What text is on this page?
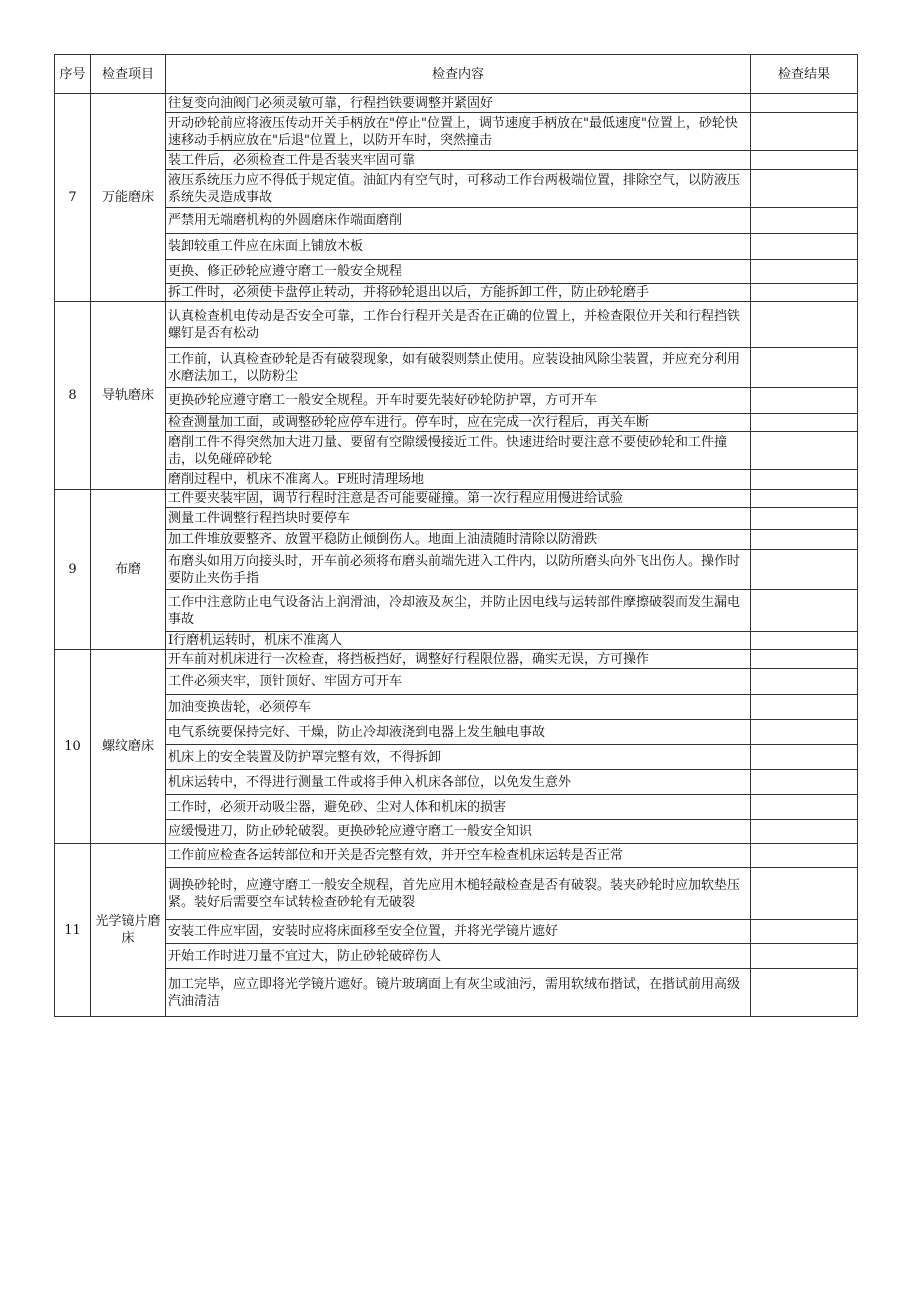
序号	检查项目	检查内容	检查结果
7	万能磨床	往复变向油阀门必须灵敏可靠，行程挡铁要调整并紧固好	
		开动砂轮前应将液压传动开关手柄放在"停止"位置上，调节速度手柄放在"最低速度"位置上，砂轮快速移动手柄应放在"后退"位置上，以防开车时，突然撞击	
		装工件后，必须检查工件是否装夹牢固可靠	
		液压系统压力应不得低于规定值。油缸内有空气时，可移动工作台两极端位置，排除空气，以防液压系统失灵造成事故	
		严禁用无端磨机构的外圆磨床作端面磨削	
		装卸较重工件应在床面上铺放木板	
		更换、修正砂轮应遵守磨工一般安全规程	
		拆工件时，必须使卡盘停止转动，并将砂轮退出以后，方能拆卸工件，防止砂轮磨手	
8	导轨磨床	认真检查机电传动是否安全可靠，工作台行程开关是否在正确的位置上，并检查限位开关和行程挡铁螺钉是否有松动	
		工作前，认真检查砂轮是否有破裂现象，如有破裂则禁止使用。应装设抽风除尘装置，并应充分利用水磨法加工，以防粉尘	
		更换砂轮应遵守磨工一般安全规程。开车时要先装好砂轮防护罩，方可开车	
		检查测量加工面，或调整砂轮应停车进行。停车时，应在完成一次行程后，再关车断	
		磨削工件不得突然加大进刀量、要留有空隙缓慢接近工件。快速进给时要注意不要使砂轮和工件撞击，以免碰碎砂轮	
		磨削过程中，机床不准离人。F班时清理场地	
9	布磨	工件要夹装牢固，调节行程时注意是否可能要碰撞。第一次行程应用慢进给试验	
		测量工件调整行程挡块时要停车	
		加工件堆放要整齐、放置平稳防止倾倒伤人。地面上油渍随时清除以防滑跌	
		布磨头如用万向接头时，开车前必须将布磨头前端先进入工件内，以防所磨头向外飞出伤人。操作时要防止夹伤手指	
		工作中注意防止电气设备沾上润滑油，冷却液及灰尘，并防止因电线与运转部件摩擦破裂而发生漏电事故	
		I行磨机运转时，机床不准离人	
10	螺纹磨床	开车前对机床进行一次检查，将挡板挡好，调整好行程限位器，确实无误，方可操作	
		工件必须夹牢，顶针顶好、牢固方可开车	
		加油变换齿轮，必须停车	
		电气系统要保持完好、干燥，防止冷却液浇到电器上发生触电事故	
		机床上的安全装置及防护罩完整有效，不得拆卸	
		机床运转中，不得进行测量工件或将手伸入机床各部位，以免发生意外	
		工作时，必须开动吸尘器，避免砂、尘对人体和机床的损害	
		应缓慢进刀，防止砂轮破裂。更换砂轮应遵守磨工一般安全知识	
11	光学镜片磨床	工作前应检查各运转部位和开关是否完整有效，并开空车检查机床运转是否正常	
		调换砂轮时，应遵守磨工一般安全规程，首先应用木槌轻敲检查是否有破裂。装夹砂轮时应加软垫压紧。装好后需要空车试转检查砂轮有无破裂	
		安装工件应牢固，安装时应将床面移至安全位置，并将光学镜片遮好	
		开始工作时进刀量不宜过大，防止砂轮破碎伤人	
		加工完毕，应立即将光学镜片遮好。镜片玻璃面上有灰尘或油污，需用软绒布揩试，在揩试前用高级汽油清洁	
